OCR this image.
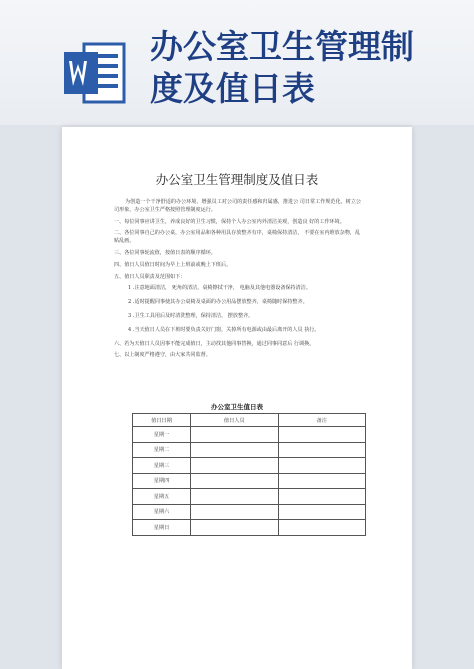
办公室卫生管理制
度及值日表
办公室卫生管理制度及值日表

为创造一个干净舒适的办公环境，增强员工对公司的责任感和归属感，推进公 司日常工作规范化，树立公司形象，办公室卫生严格按照管理制度运行。

一、每位同事应讲卫生，养成良好的卫生习惯，保持个人办公室内外清洁美观，创造良 好的工作环境。

二、各位同事自己的办公桌，办公室用品和各种用具存放整齐有序，桌椅保持清洁， 不要在室内堆放杂物，乱贴乱画。

三、各位同事轮流值，按值日表的顺序循环。

四、值日人员值日时间为早上上班前或晚上下班后。

五、值日人员职责及范围如下：

1 .注意地面清洁， 死角的清洁，桌椅擦拭干净， 电脑及其他电器设备保持清洁。

2 .适时提醒同事使其办公桌椅及桌面的办公用品摆放整齐，桌椅随时保持整齐。

3 .卫生工具用后及时清洗整理，保持清洁， 摆放整齐。

4 .当天值日人员在下班时要负责关好门窗，关掉所有电源或由最后离开的人员 执行。

六、若为天值日人员因事不能完成值日，主动找其他同事替换，通过同事同意后 行调换。

七、以上制度严格遵守，由大家共同监督。

办公室卫生值日表
值日日期	值日人员	备注
星期一		
星期二		
星期三		
星期四		
星期五		
星期六		
星期日		
